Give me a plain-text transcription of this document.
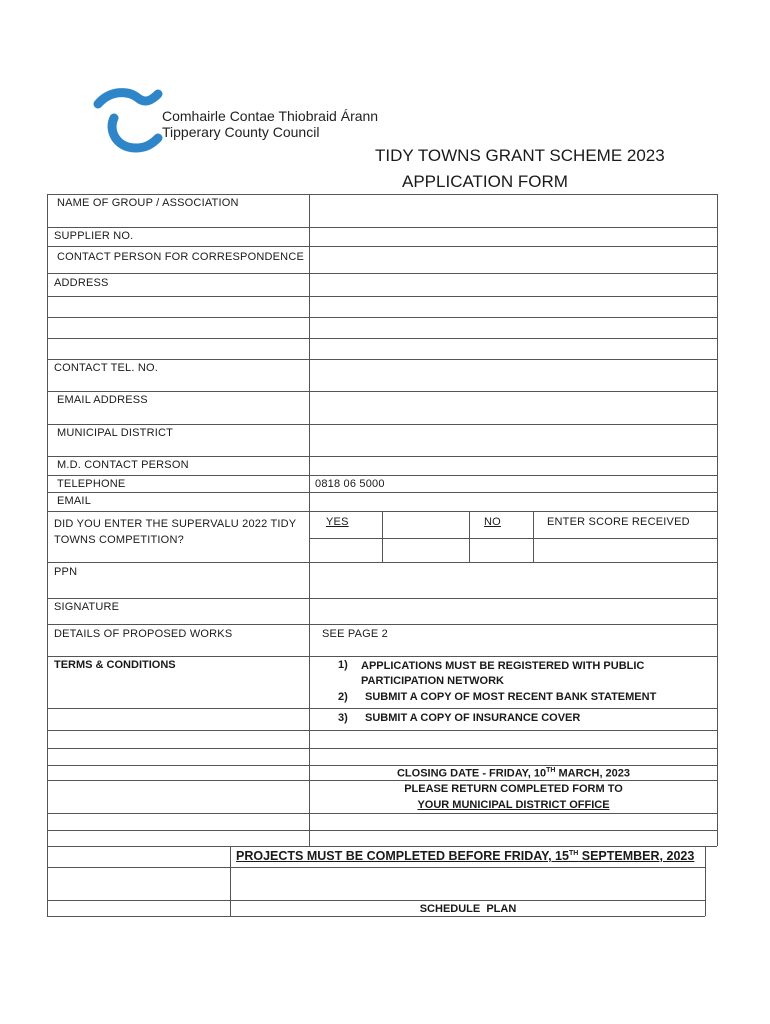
Comhairle Contae Thiobraid Árann
Tipperary County Council
TIDY TOWNS GRANT SCHEME 2023
APPLICATION FORM
NAME OF GROUP / ASSOCIATION
SUPPLIER NO.
CONTACT PERSON FOR CORRESPONDENCE
ADDRESS
CONTACT TEL. NO.
EMAIL ADDRESS
MUNICIPAL DISTRICT
M.D. CONTACT PERSON
TELEPHONE	0818 06 5000
EMAIL
DID YOU ENTER THE SUPERVALU 2022 TIDY TOWNS COMPETITION?
YES	NO	ENTER SCORE RECEIVED
PPN
SIGNATURE
DETAILS OF PROPOSED WORKS	SEE PAGE 2
TERMS & CONDITIONS	1) APPLICATIONS MUST BE REGISTERED WITH PUBLIC PARTICIPATION NETWORK
2) SUBMIT A COPY OF MOST RECENT BANK STATEMENT
3) SUBMIT A COPY OF INSURANCE COVER
CLOSING DATE - FRIDAY, 10TH MARCH, 2023
PLEASE RETURN COMPLETED FORM TO
YOUR MUNICIPAL DISTRICT OFFICE
PROJECTS MUST BE COMPLETED BEFORE FRIDAY, 15TH SEPTEMBER, 2023
SCHEDULE  PLAN
